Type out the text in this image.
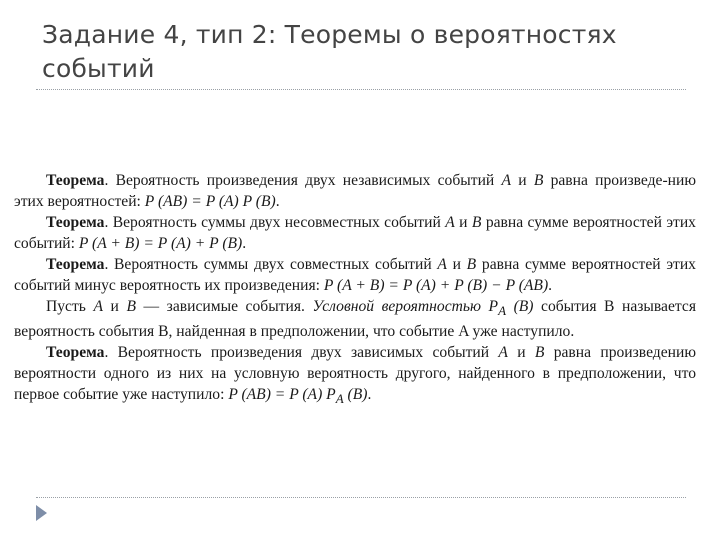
Задание 4, тип 2: Теоремы о вероятностях событий

Теорема. Вероятность произведения двух независимых событий A и B равна произведе-нию этих вероятностей: P (AB) = P (A) P (B).

Теорема. Вероятность суммы двух несовместных событий A и B равна сумме вероятностей этих событий: P (A + B) = P (A) + P (B).

Теорема. Вероятность суммы двух совместных событий A и B равна сумме вероятностей этих событий минус вероятность их произведения: P (A + B) = P (A) + P (B) − P (AB).

Пусть A и B — зависимые события. Условной вероятностью $P_A$ (B) события B называется вероятность события B, найденная в предположении, что событие A уже наступило.

Теорема. Вероятность произведения двух зависимых событий A и B равна произведению вероятности одного из них на условную вероятность другого, найденного в предположении, что первое событие уже наступило: P (AB) = P (A) $P_A$ (B).
